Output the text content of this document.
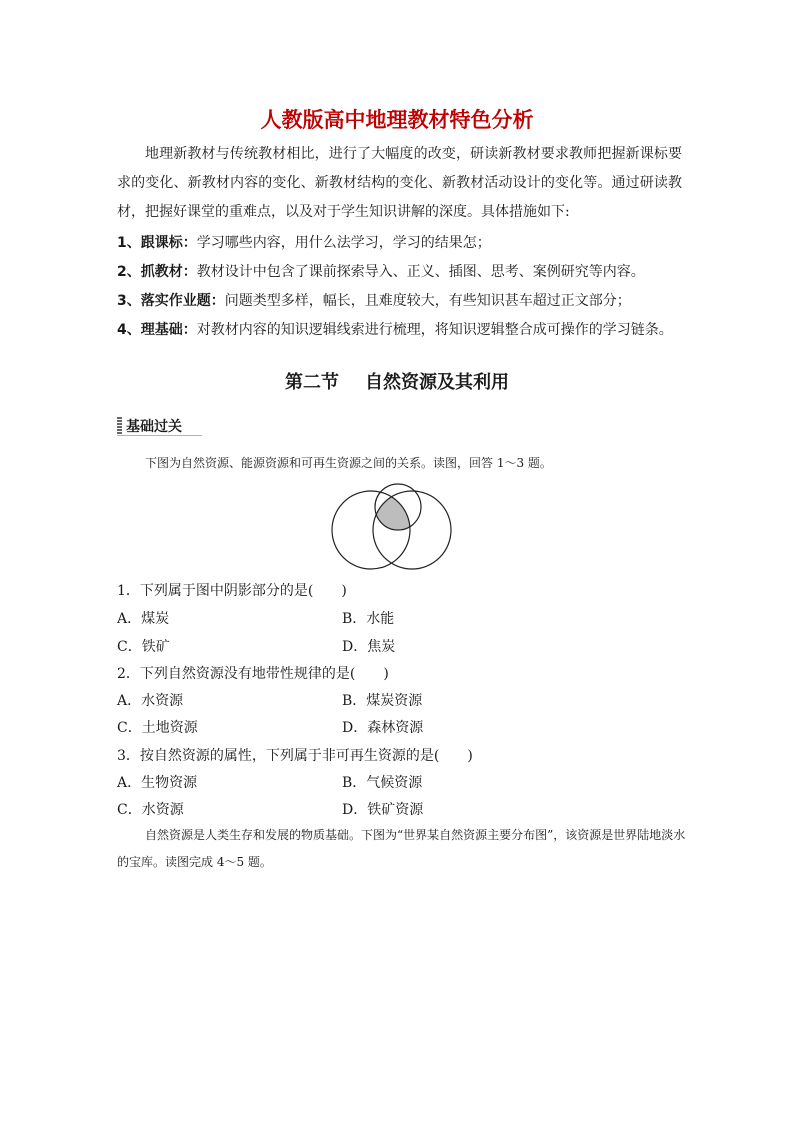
人教版高中地理教材特色分析
地理新教材与传统教材相比，进行了大幅度的改变，研读新教材要求教师把握新课标要求的变化、新教材内容的变化、新教材结构的变化、新教材活动设计的变化等。通过研读教材，把握好课堂的重难点，以及对于学生知识讲解的深度。具体措施如下:
1、跟课标：学习哪些内容，用什么法学习，学习的结果怎；
2、抓教材：教材设计中包含了课前探索导入、正义、插图、思考、案例研究等内容。
3、落实作业题：问题类型多样，幅长，且难度较大，有些知识甚车超过正文部分；
4、理基础：对教材内容的知识逻辑线索进行梳理，将知识逻辑整合成可操作的学习链条。
第二节 自然资源及其利用
基础过关
下图为自然资源、能源资源和可再生资源之间的关系。读图，回答 1～3 题。
1．下列属于图中阴影部分的是(　　)
A．煤炭	B．水能
C．铁矿	D．焦炭
2．下列自然资源没有地带性规律的是(　　)
A．水资源	B．煤炭资源
C．土地资源	D．森林资源
3．按自然资源的属性，下列属于非可再生资源的是(　　)
A．生物资源	B．气候资源
C．水资源	D．铁矿资源
自然资源是人类生存和发展的物质基础。下图为“世界某自然资源主要分布图”，该资源是世界陆地淡水的宝库。读图完成 4～5 题。
